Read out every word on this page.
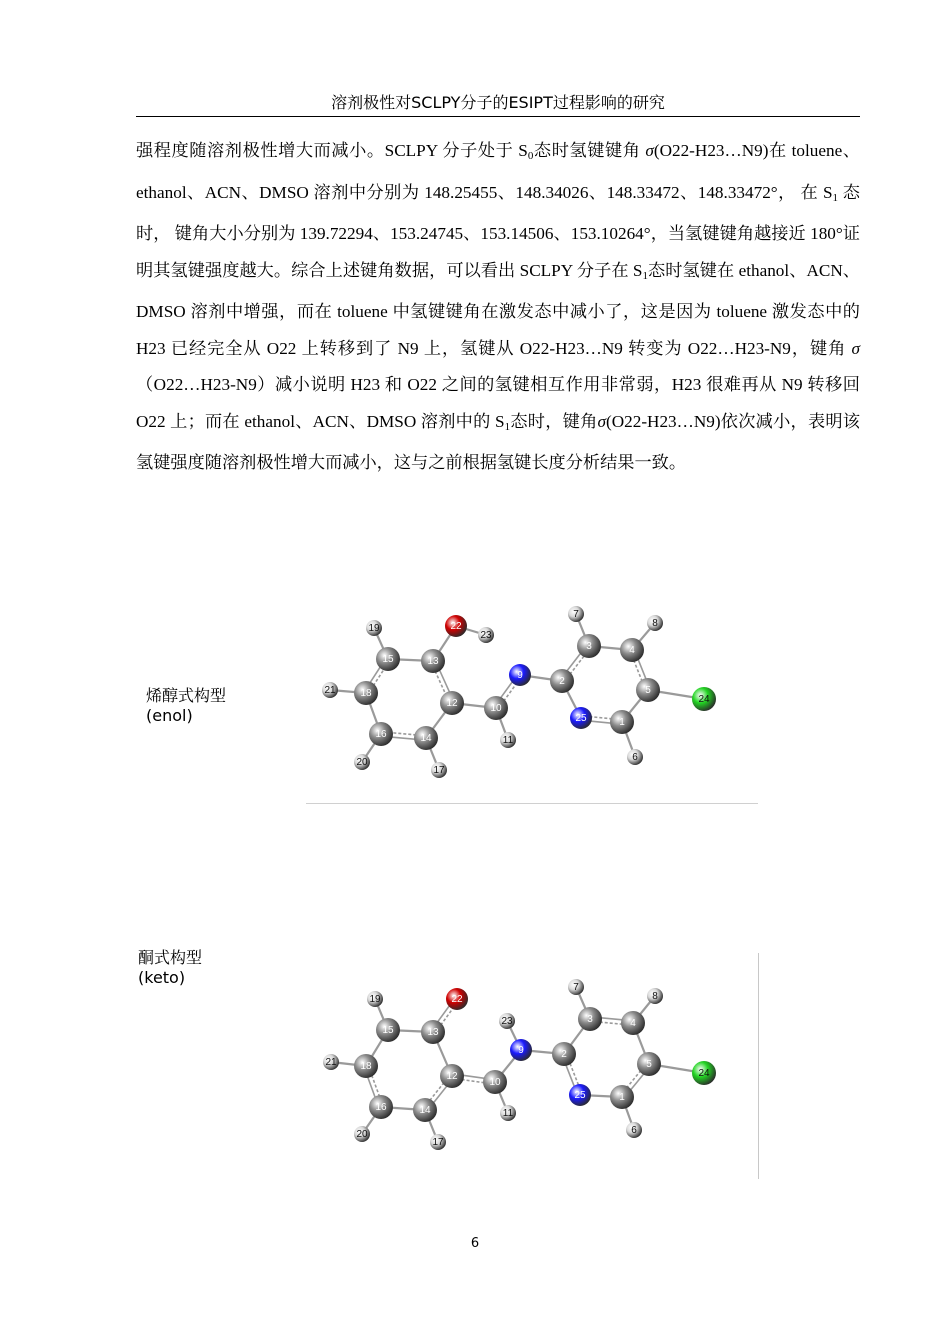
溶剂极性对SCLPY分子的ESIPT过程影响的研究

强程度随溶剂极性增大而减小。SCLPY 分子处于 $S_0$态时氢键键角 σ(O22-H23…N9)在 toluene、ethanol、ACN、DMSO 溶剂中分别为 148.25455、148.34026、148.33472、148.33472°， 在 $S_1$ 态时， 键角大小分别为 139.72294、153.24745、153.14506、153.10264°，当氢键键角越接近 180°证明其氢键强度越大。综合上述键角数据，可以看出 SCLPY 分子在 $S_1$态时氢键在 ethanol、ACN、DMSO 溶剂中增强，而在 toluene 中氢键键角在激发态中减小了，这是因为 toluene 激发态中的 H23 已经完全从 O22 上转移到了 N9 上，氢键从 O22-H23…N9 转变为 O22…H23-N9，键角 σ（O22…H23-N9）减小说明 H23 和 O22 之间的氢键相互作用非常弱，H23 很难再从 N9 转移回 O22 上；而在 ethanol、ACN、DMSO 溶剂中的 $S_1$态时，键角σ(O22-H23…N9)依次减小，表明该氢键强度随溶剂极性增大而减小，这与之前根据氢键长度分析结果一致。

烯醇式构型
(enol)
19	22
23
15	13
9
21 18
12	10
16	14	11
20
17
7
3	4
8
2
5
24
25	1
6
酮式构型
(keto)
19	22
23
15	13
9
21 18
12
10
16	14	11
20
17
7
3	4
8
2
5
24
25	1
6
6
